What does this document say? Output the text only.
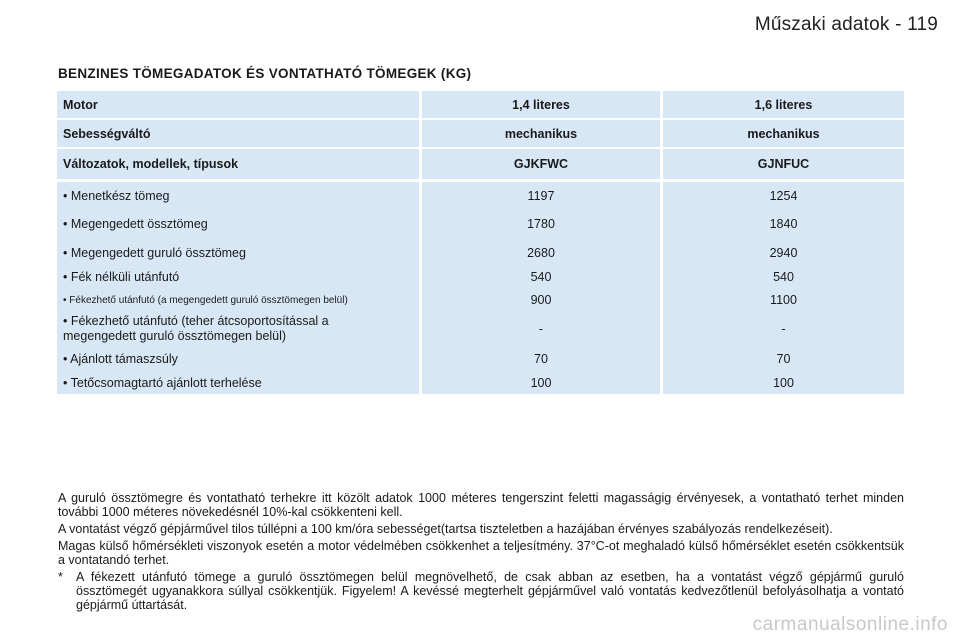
Műszaki adatok - 119
BENZINES TÖMEGADATOK ÉS VONTATHATÓ TÖMEGEK (KG)
Motor	1,4 literes	1,6 literes
Sebességváltó	mechanikus	mechanikus
Változatok, modellek, típusok	GJKFWC	GJNFUC
• Menetkész tömeg	1197	1254
• Megengedett össztömeg	1780	1840
• Megengedett guruló össztömeg	2680	2940
• Fék nélküli utánfutó	540	540
• Fékezhető utánfutó (a megengedett guruló össztömegen belül)	900	1100
• Fékezhető utánfutó (teher átcsoportosítással a megengedett guruló össztömegen belül)	-	-
• Ajánlott támaszsúly	70	70
• Tetőcsomagtartó ajánlott terhelése	100	100

A guruló össztömegre és vontatható terhekre itt közölt adatok 1000 méteres tengerszint feletti magasságig érvényesek, a vontatható terhet minden további 1000 méteres növekedésnél 10%-kal csökkenteni kell.

A vontatást végző gépjárművel tilos túllépni a 100 km/óra sebességet(tartsa tiszteletben a hazájában érvényes szabályozás rendelkezéseit).

Magas külső hőmérsékleti viszonyok esetén a motor védelmében csökkenhet a teljesítmény. 37°C-ot meghaladó külső hőmérséklet esetén csökkentsük a vontatandó terhet.

*	A fékezett utánfutó tömege a guruló össztömegen belül megnövelhető, de csak abban az esetben, ha a vontatást végző gépjármű guruló össztömegét ugyanakkora súllyal csökkentjük. Figyelem! A kevéssé megterhelt gépjárművel való vontatás kedvezőtlenül befolyásolhatja a vontató gépjármű úttartását.
carmanualsonline.info
